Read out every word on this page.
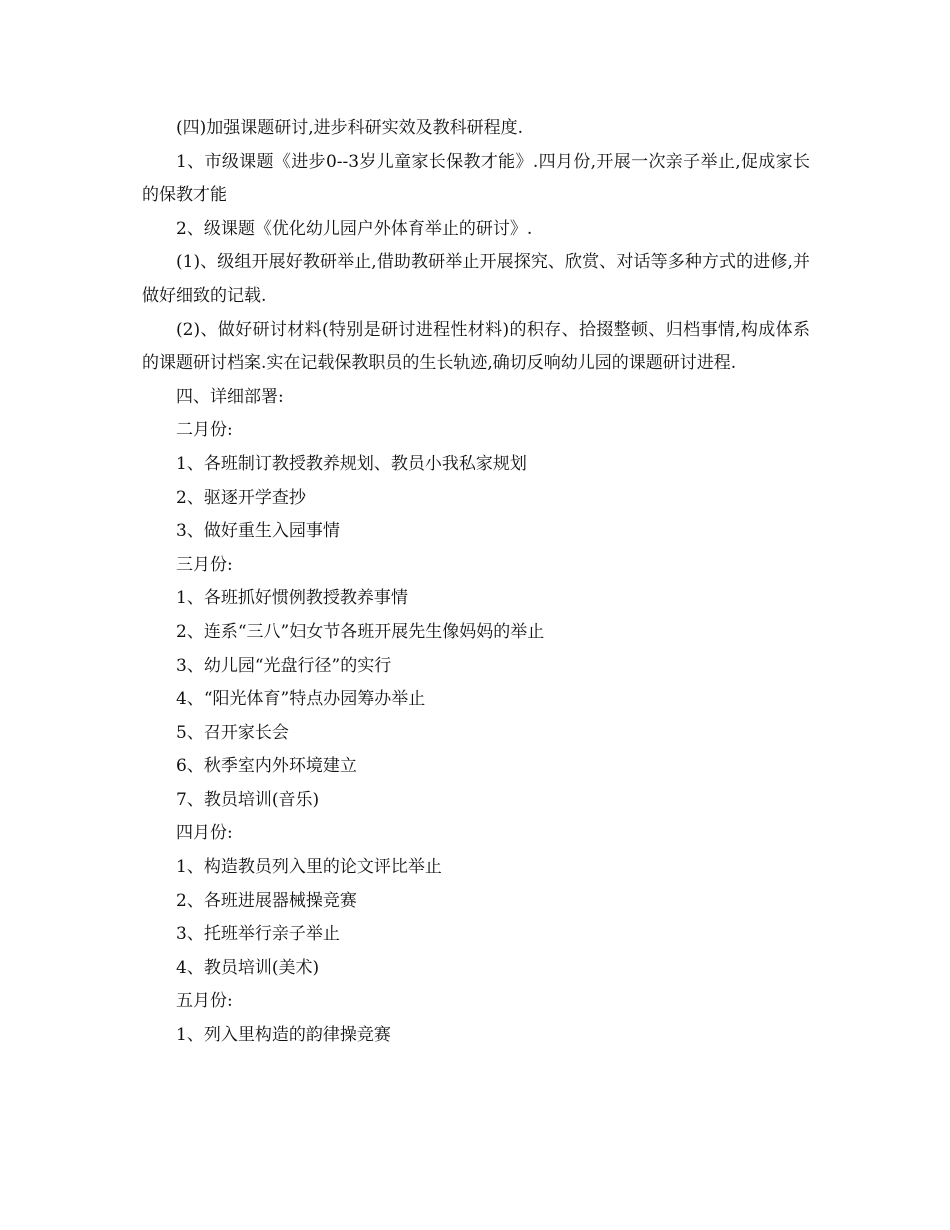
(四)加强课题研讨,进步科研实效及教科研程度.

1、市级课题《进步0--3岁儿童家长保教才能》.四月份,开展一次亲子举止,促成家长的保教才能

2、级课题《优化幼儿园户外体育举止的研讨》.

(1)、级组开展好教研举止,借助教研举止开展探究、欣赏、对话等多种方式的进修,并做好细致的记载.

(2)、做好研讨材料(特别是研讨进程性材料)的积存、拾掇整顿、归档事情,构成体系的课题研讨档案.实在记载保教职员的生长轨迹,确切反响幼儿园的课题研讨进程.

四、详细部署:

二月份:

1、各班制订教授教养规划、教员小我私家规划

2、驱逐开学查抄

3、做好重生入园事情

三月份:

1、各班抓好惯例教授教养事情

2、连系“三八”妇女节各班开展先生像妈妈的举止

3、幼儿园“光盘行径”的实行

4、“阳光体育”特点办园筹办举止

5、召开家长会

6、秋季室内外环境建立

7、教员培训(音乐)

四月份:

1、构造教员列入里的论文评比举止

2、各班进展器械操竞赛

3、托班举行亲子举止

4、教员培训(美术)

五月份:

1、列入里构造的韵律操竞赛
